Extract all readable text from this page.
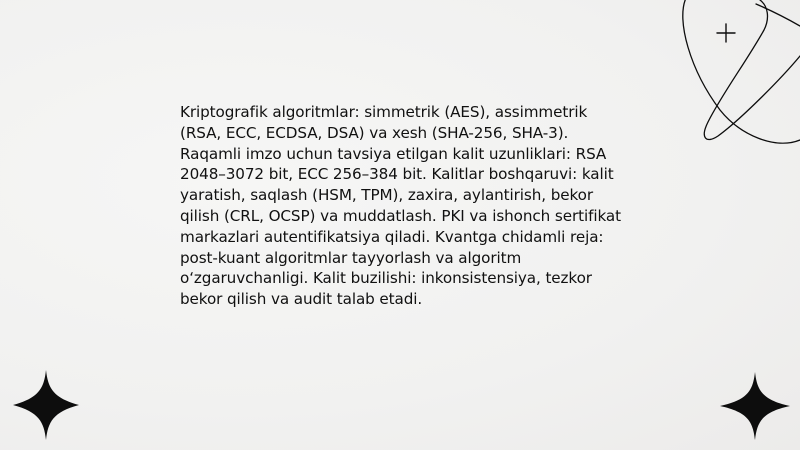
Kriptografik algoritmlar: simmetrik (AES), assimmetrik (RSA, ECC, ECDSA, DSA) va xesh (SHA-256, SHA-3). Raqamli imzo uchun tavsiya etilgan kalit uzunliklari: RSA 2048–3072 bit, ECC 256–384 bit. Kalitlar boshqaruvi: kalit yaratish, saqlash (HSM, TPM), zaxira, aylantirish, bekor qilish (CRL, OCSP) va muddatlash. PKI va ishonch sertifikat markazlari autentifikatsiya qiladi. Kvantga chidamli reja: post-kuant algoritmlar tayyorlash va algoritm o‘zgaruvchanligi. Kalit buzilishi: inkonsistensiya, tezkor bekor qilish va audit talab etadi.
